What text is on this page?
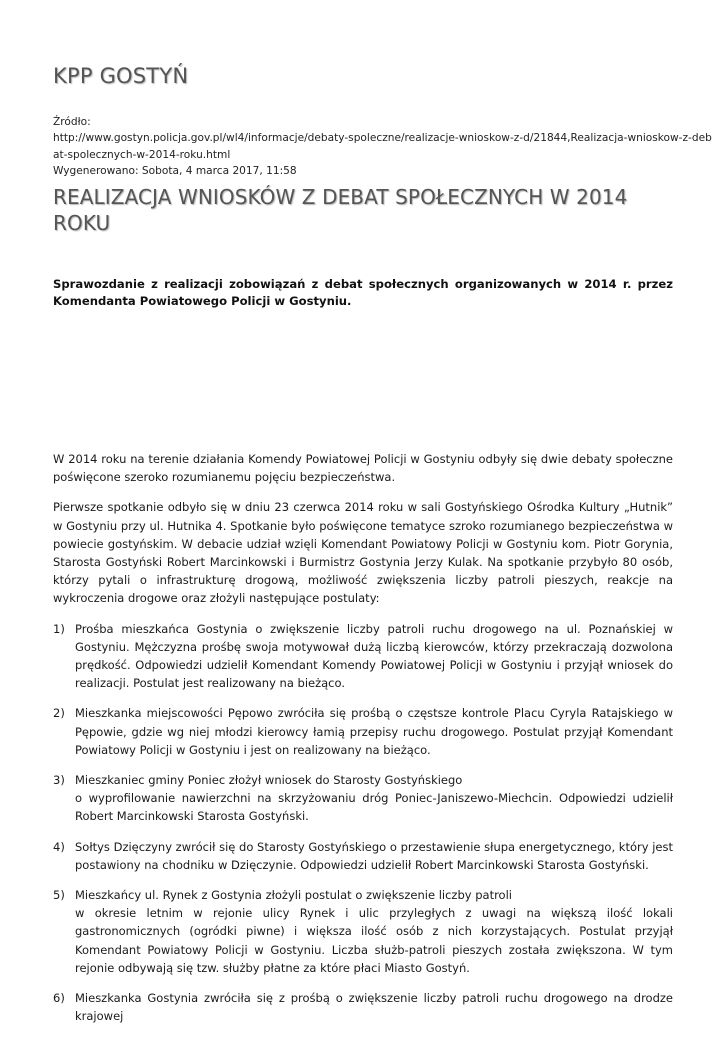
KPP GOSTYŃ
Źródło:
http://www.gostyn.policja.gov.pl/wl4/informacje/debaty-spoleczne/realizacje-wnioskow-z-d/21844,Realizacja-wnioskow-z-deb
at-spolecznych-w-2014-roku.html
Wygenerowano: Sobota, 4 marca 2017, 11:58
REALIZACJA WNIOSKÓW Z DEBAT SPOŁECZNYCH W 2014 ROKU

Sprawozdanie z realizacji zobowiązań z debat społecznych organizowanych w 2014 r. przez Komendanta Powiatowego Policji w Gostyniu.

W 2014 roku na terenie działania Komendy Powiatowej Policji w Gostyniu odbyły się dwie debaty społeczne poświęcone szeroko rozumianemu pojęciu bezpieczeństwa.

Pierwsze spotkanie odbyło się w dniu 23 czerwca 2014 roku w sali Gostyńskiego Ośrodka Kultury „Hutnik” w Gostyniu przy ul. Hutnika 4. Spotkanie było poświęcone tematyce szroko rozumianego bezpieczeństwa w powiecie gostyńskim. W debacie udział wzięli Komendant Powiatowy Policji w Gostyniu kom. Piotr Gorynia, Starosta Gostyński Robert Marcinkowski i Burmistrz Gostynia Jerzy Kulak. Na spotkanie przybyło 80 osób, którzy pytali o infrastrukturę drogową, możliwość zwiększenia liczby patroli pieszych, reakcje na wykroczenia drogowe oraz złożyli następujące postulaty:

1) Prośba mieszkańca Gostynia o zwiększenie liczby patroli ruchu drogowego na ul. Poznańskiej w Gostyniu. Mężczyzna prośbę swoja motywował dużą liczbą kierowców, którzy przekraczają dozwolona prędkość. Odpowiedzi udzielił Komendant Komendy Powiatowej Policji w Gostyniu i przyjął wniosek do realizacji. Postulat jest realizowany na bieżąco.
2) Mieszkanka miejscowości Pępowo zwróciła się prośbą o częstsze kontrole Placu Cyryla Ratajskiego w Pępowie, gdzie wg niej młodzi kierowcy łamią przepisy ruchu drogowego. Postulat przyjął Komendant Powiatowy Policji w Gostyniu i jest on realizowany na bieżąco.
3) Mieszkaniec gminy Poniec złożył wniosek do Starosty Gostyńskiego
o wyprofilowanie nawierzchni na skrzyżowaniu dróg Poniec-Janiszewo-Miechcin. Odpowiedzi udzielił Robert Marcinkowski Starosta Gostyński.
4) Sołtys Dzięczyny zwrócił się do Starosty Gostyńskiego o przestawienie słupa energetycznego, który jest postawiony na chodniku w Dzięczynie. Odpowiedzi udzielił Robert Marcinkowski Starosta Gostyński.
5) Mieszkańcy ul. Rynek z Gostynia złożyli postulat o zwiększenie liczby patroli
w okresie letnim w rejonie ulicy Rynek i ulic przyległych z uwagi na większą ilość lokali gastronomicznych (ogródki piwne) i większa ilość osób z nich korzystających. Postulat przyjął Komendant Powiatowy Policji w Gostyniu. Liczba służb-patroli pieszych została zwiększona. W tym rejonie odbywają się tzw. służby płatne za które płaci Miasto Gostyń.
6) Mieszkanka Gostynia zwróciła się z prośbą o zwiększenie liczby patroli ruchu drogowego na drodze krajowej
